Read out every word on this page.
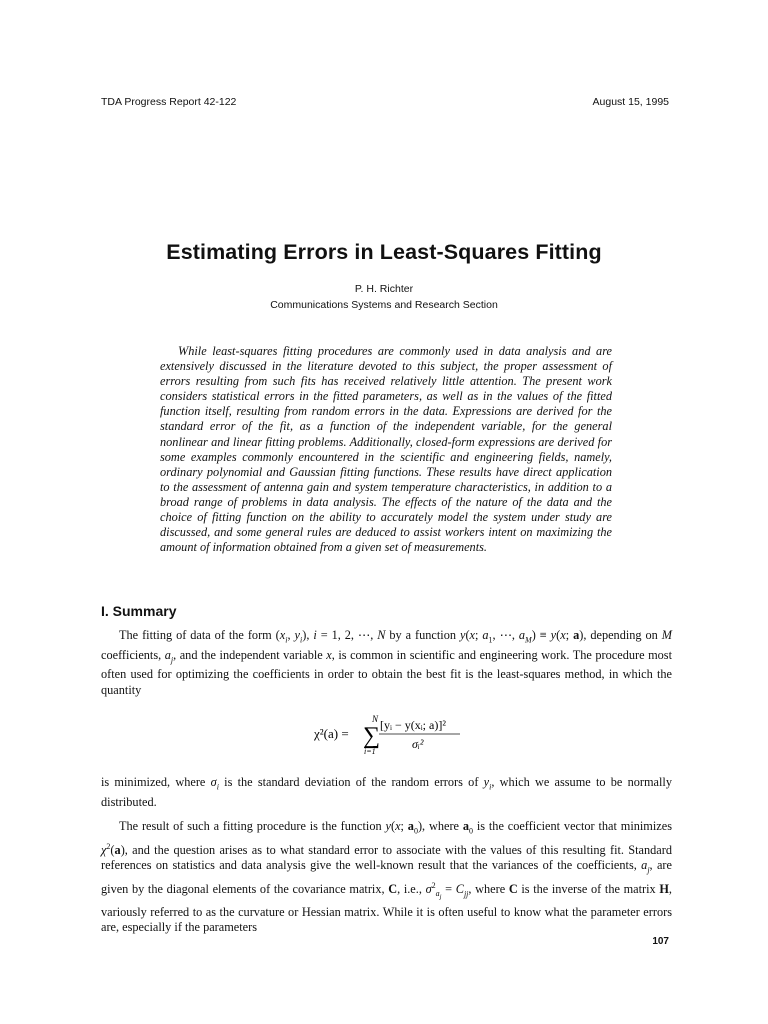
TDA Progress Report 42-122	August 15, 1995
Estimating Errors in Least-Squares Fitting
P. H. Richter
Communications Systems and Research Section

While least-squares fitting procedures are commonly used in data analysis and are extensively discussed in the literature devoted to this subject, the proper assessment of errors resulting from such fits has received relatively little attention. The present work considers statistical errors in the fitted parameters, as well as in the values of the fitted function itself, resulting from random errors in the data. Expressions are derived for the standard error of the fit, as a function of the independent variable, for the general nonlinear and linear fitting problems. Additionally, closed-form expressions are derived for some examples commonly encountered in the scientific and engineering fields, namely, ordinary polynomial and Gaussian fitting functions. These results have direct application to the assessment of antenna gain and system temperature characteristics, in addition to a broad range of problems in data analysis. The effects of the nature of the data and the choice of fitting function on the ability to accurately model the system under study are discussed, and some general rules are deduced to assist workers intent on maximizing the amount of information obtained from a given set of measurements.

I. Summary

The fitting of data of the form ($x_i$, $y_i$), i = 1, 2, ⋯, N by a function y(x; $a_1$, ⋯, $a_M) \equiv y(x$; a), depending on M coefficients, $a_j$, and the independent variable x, is common in scientific and engineering work. The procedure most often used for optimizing the coefficients in order to obtain the best fit is the least-squares method, in which the quantity

χ²(a) =
N
∑
i=1
[yᵢ − y(xᵢ; a)]²
σᵢ²

is minimized, where $\sigma_i$ is the standard deviation of the random errors of $y_i$, which we assume to be normally distributed.

The result of such a fitting procedure is the function y(x; $a_0$), where $a_0$ is the coefficient vector that minimizes $\chi^2(a)$, and the question arises as to what standard error to associate with the values of this resulting fit. Standard references on statistics and data analysis give the well-known result that the variances of the coefficients, $a_j$, are given by the diagonal elements of the covariance matrix, C, i.e., $\sigma^2_{a_j} = C_{jj}$, where C is the inverse of the matrix H, variously referred to as the curvature or Hessian matrix. While it is often useful to know what the parameter errors are, especially if the parameters

107
